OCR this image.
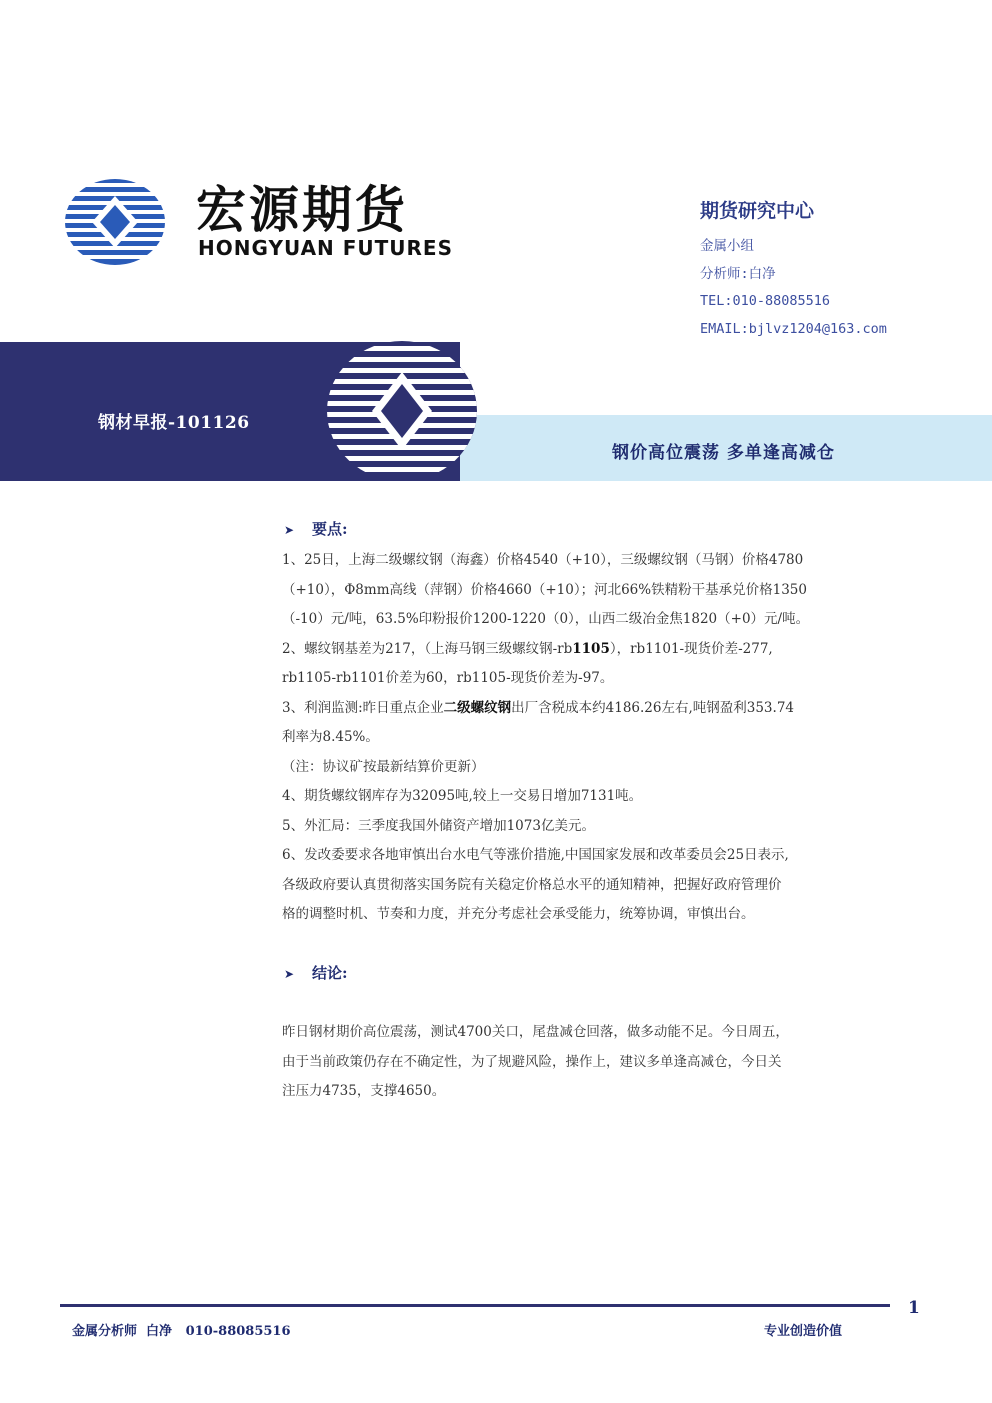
宏源期货
HONGYUAN FUTURES
期货研究中心
金属小组
分析师:白净
TEL:010-88085516
EMAIL:bjlvz1204@163.com
钢材早报-101126
钢价高位震荡 多单逢高减仓
➤ 要点:

1、25日，上海二级螺纹钢（海鑫）价格4540（+10），三级螺纹钢（马钢）价格4780

（+10），Φ8mm高线（萍钢）价格4660（+10）；河北66%铁精粉干基承兑价格1350

（-10）元/吨，63.5%印粉报价1200-1220（0），山西二级冶金焦1820（+0）元/吨。

2、螺纹钢基差为217，（上海马钢三级螺纹钢-rb1105），rb1101-现货价差-277,

rb1105-rb1101价差为60，rb1105-现货价差为-97。

3、利润监测:昨日重点企业二级螺纹钢出厂含税成本约4186.26左右,吨钢盈利353.74

利率为8.45%。

（注：协议矿按最新结算价更新）

4、期货螺纹钢库存为32095吨,较上一交易日增加7131吨。

5、外汇局：三季度我国外储资产增加1073亿美元。

6、发改委要求各地审慎出台水电气等涨价措施,中国国家发展和改革委员会25日表示,

各级政府要认真贯彻落实国务院有关稳定价格总水平的通知精神，把握好政府管理价

格的调整时机、节奏和力度，并充分考虑社会承受能力，统筹协调，审慎出台。

➤ 结论:

昨日钢材期价高位震荡，测试4700关口，尾盘减仓回落，做多动能不足。今日周五，

由于当前政策仍存在不确定性，为了规避风险，操作上，建议多单逢高减仓，今日关

注压力4735，支撑4650。

1
金属分析师  白净   010-88085516	专业创造价值
